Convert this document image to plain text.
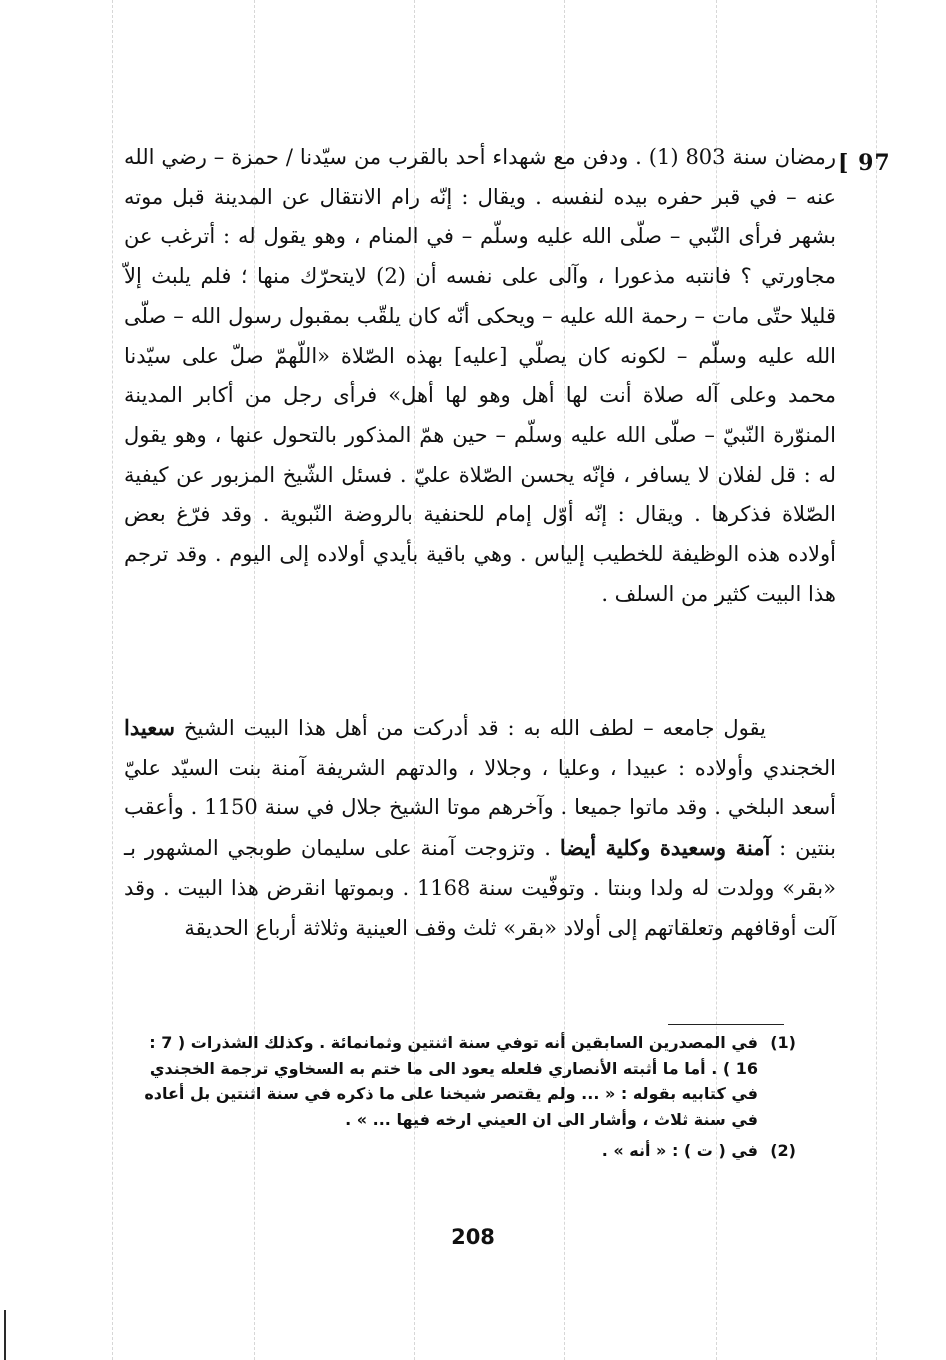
[ 97

رمضان سنة 803 (1) . ودفن مع شهداء أحد بالقرب من سيّدنا / حمزة – رضي الله عنه – في قبر حفره بيده لنفسه . ويقال : إنّه رام الانتقال عن المدينة قبل موته بشهر فرأى النّبي – صلّى الله عليه وسلّم – في المنام ، وهو يقول له : أترغب عن مجاورتي ؟ فانتبه مذعورا ، وآلى على نفسه أن (2) لايتحرّك منها ؛ فلم يلبث إلاّ قليلا حتّى مات – رحمة الله عليه – ويحكى أنّه كان يلقّب بمقبول رسول الله – صلّى الله عليه وسلّم – لكونه كان يصلّي [عليه] بهذه الصّلاة «اللّهمّ صلّ على سيّدنا محمد وعلى آله صلاة أنت لها أهل وهو لها أهل» فرأى رجل من أكابر المدينة المنوّرة النّبيّ – صلّى الله عليه وسلّم – حين همّ المذكور بالتحول عنها ، وهو يقول له : قل لفلان لا يسافر ، فإنّه يحسن الصّلاة عليّ . فسئل الشّيخ المزبور عن كيفية الصّلاة فذكرها . ويقال : إنّه أوّل إمام للحنفية بالروضة النّبوية . وقد فرّغ بعض أولاده هذه الوظيفة للخطيب إلياس . وهي باقية بأيدي أولاده إلى اليوم . وقد ترجم هذا البيت كثير من السلف .

يقول جامعه – لطف الله به : قد أدركت من أهل هذا البيت الشيخ سعيدا الخجندي وأولاده : عبيدا ، وعليا ، وجلالا ، والدتهم الشريفة آمنة بنت السيّد عليّ أسعد البلخي . وقد ماتوا جميعا . وآخرهم موتا الشيخ جلال في سنة 1150 . وأعقب بنتين : آمنة وسعيدة وكلية أيضا . وتزوجت آمنة على سليمان طوبجي المشهور بـ «بقر» وولدت له ولدا وبنتا . وتوفّيت سنة 1168 . وبموتها انقرض هذا البيت . وقد آلت أوقافهم وتعلقاتهم إلى أولاد «بقر» ثلث وقف العينية وثلاثة أرباع الحديقة

(1)
في المصدرين السابقين أنه توفي سنة اثنتين وثمانمائة . وكذلك الشذرات ( 7 : 16 ) . أما ما أثبته الأنصاري فلعله يعود الى ما ختم به السخاوي ترجمة الخجندي في كتابيه بقوله : « ... ولم يقتصر شيخنا على ما ذكره في سنة اثنتين بل أعاده في سنة ثلاث ، وأشار الى ان العيني ارخه فيها ... » .
(2)
في ( ت ) : « أنه » .
208
